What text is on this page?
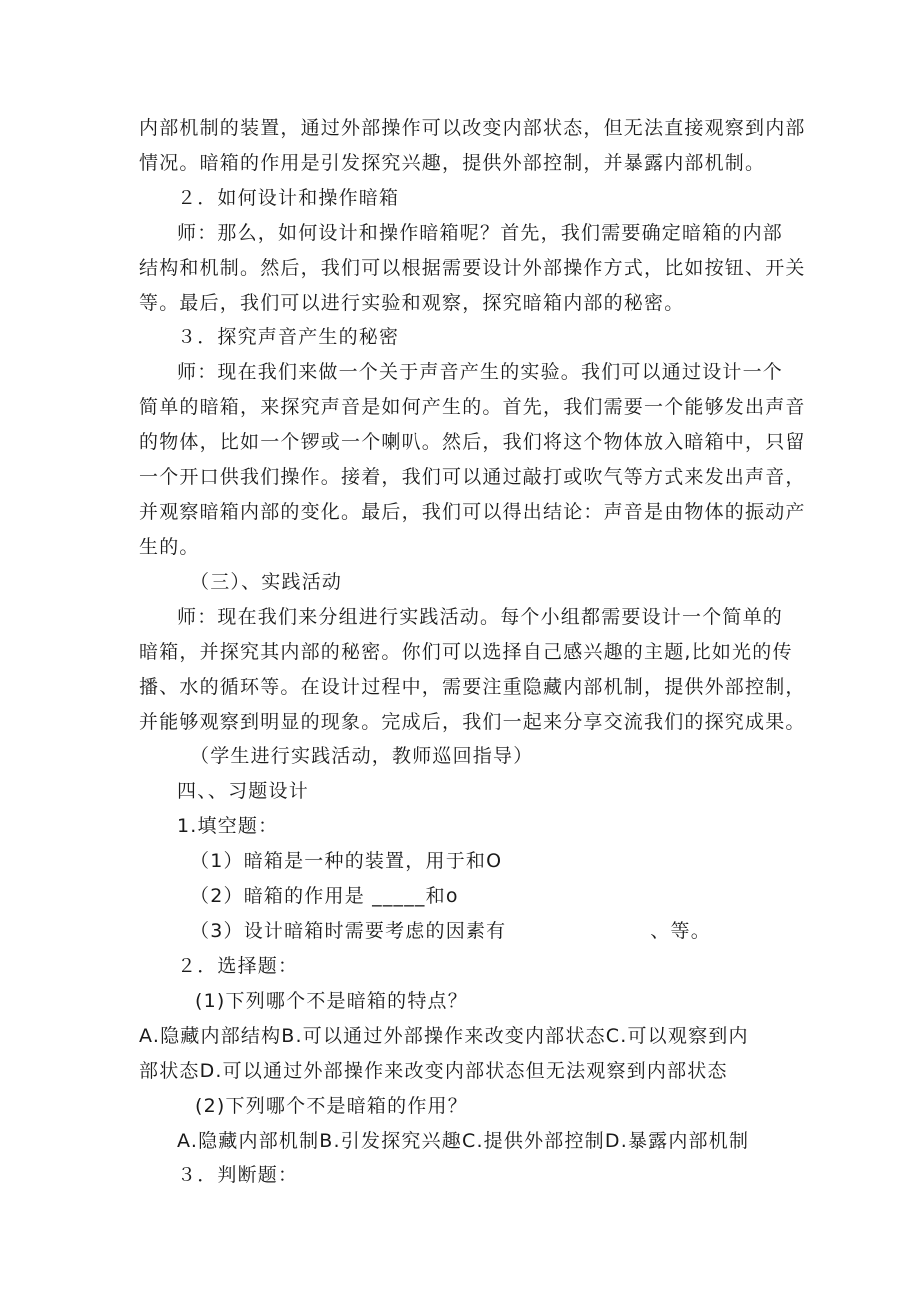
内部机制的装置，通过外部操作可以改变内部状态，但无法直接观察到内部
情况。暗箱的作用是引发探究兴趣，提供外部控制，并暴露内部机制。
２．如何设计和操作暗箱
师：那么，如何设计和操作暗箱呢？首先，我们需要确定暗箱的内部
结构和机制。然后，我们可以根据需要设计外部操作方式，比如按钮、开关
等。最后，我们可以进行实验和观察，探究暗箱内部的秘密。
３．探究声音产生的秘密
师：现在我们来做一个关于声音产生的实验。我们可以通过设计一个
简单的暗箱，来探究声音是如何产生的。首先，我们需要一个能够发出声音
的物体，比如一个锣或一个喇叭。然后，我们将这个物体放入暗箱中，只留
一个开口供我们操作。接着，我们可以通过敲打或吹气等方式来发出声音，
并观察暗箱内部的变化。最后，我们可以得出结论：声音是由物体的振动产
生的。
（三）、实践活动
师：现在我们来分组进行实践活动。每个小组都需要设计一个简单的
暗箱，并探究其内部的秘密。你们可以选择自己感兴趣的主题,比如光的传
播、水的循环等。在设计过程中，需要注重隐藏内部机制，提供外部控制，
并能够观察到明显的现象。完成后，我们一起来分享交流我们的探究成果。
（学生进行实践活动，教师巡回指导）
四、、习题设计
1.填空题：
（1）暗箱是一种的装置，用于和O
（2）暗箱的作用是 _____和o
（3）设计暗箱时需要考虑的因素有	、等。
２．选择题：
(1)下列哪个不是暗箱的特点？
A.隐藏内部结构B.可以通过外部操作来改变内部状态C.可以观察到内
部状态D.可以通过外部操作来改变内部状态但无法观察到内部状态
(2)下列哪个不是暗箱的作用？
A.隐藏内部机制B.引发探究兴趣C.提供外部控制D.暴露内部机制
３．判断题：
